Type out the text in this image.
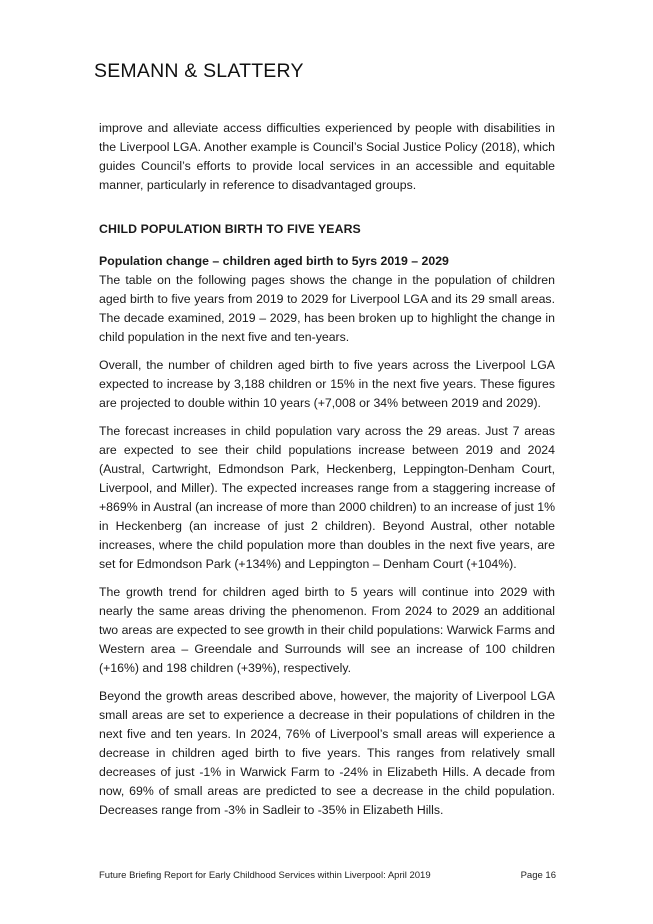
SEMANN & SLATTERY

improve and alleviate access difficulties experienced by people with disabilities in the Liverpool LGA. Another example is Council’s Social Justice Policy (2018), which guides Council’s efforts to provide local services in an accessible and equitable manner, particularly in reference to disadvantaged groups.

CHILD POPULATION BIRTH TO FIVE YEARS
Population change – children aged birth to 5yrs 2019 – 2029

The table on the following pages shows the change in the population of children aged birth to five years from 2019 to 2029 for Liverpool LGA and its 29 small areas. The decade examined, 2019 – 2029, has been broken up to highlight the change in child population in the next five and ten-years.

Overall, the number of children aged birth to five years across the Liverpool LGA expected to increase by 3,188 children or 15% in the next five years. These figures are projected to double within 10 years (+7,008 or 34% between 2019 and 2029).

The forecast increases in child population vary across the 29 areas. Just 7 areas are expected to see their child populations increase between 2019 and 2024 (Austral, Cartwright, Edmondson Park, Heckenberg, Leppington-Denham Court, Liverpool, and Miller). The expected increases range from a staggering increase of +869% in Austral (an increase of more than 2000 children) to an increase of just 1% in Heckenberg (an increase of just 2 children). Beyond Austral, other notable increases, where the child population more than doubles in the next five years, are set for Edmondson Park (+134%) and Leppington – Denham Court (+104%).

The growth trend for children aged birth to 5 years will continue into 2029 with nearly the same areas driving the phenomenon. From 2024 to 2029 an additional two areas are expected to see growth in their child populations: Warwick Farms and Western area – Greendale and Surrounds will see an increase of 100 children (+16%) and 198 children (+39%), respectively.

Beyond the growth areas described above, however, the majority of Liverpool LGA small areas are set to experience a decrease in their populations of children in the next five and ten years. In 2024, 76% of Liverpool’s small areas will experience a decrease in children aged birth to five years. This ranges from relatively small decreases of just -1% in Warwick Farm to -24% in Elizabeth Hills. A decade from now, 69% of small areas are predicted to see a decrease in the child population. Decreases range from -3% in Sadleir to -35% in Elizabeth Hills.

Future Briefing Report for Early Childhood Services within Liverpool: April 2019	Page 16
